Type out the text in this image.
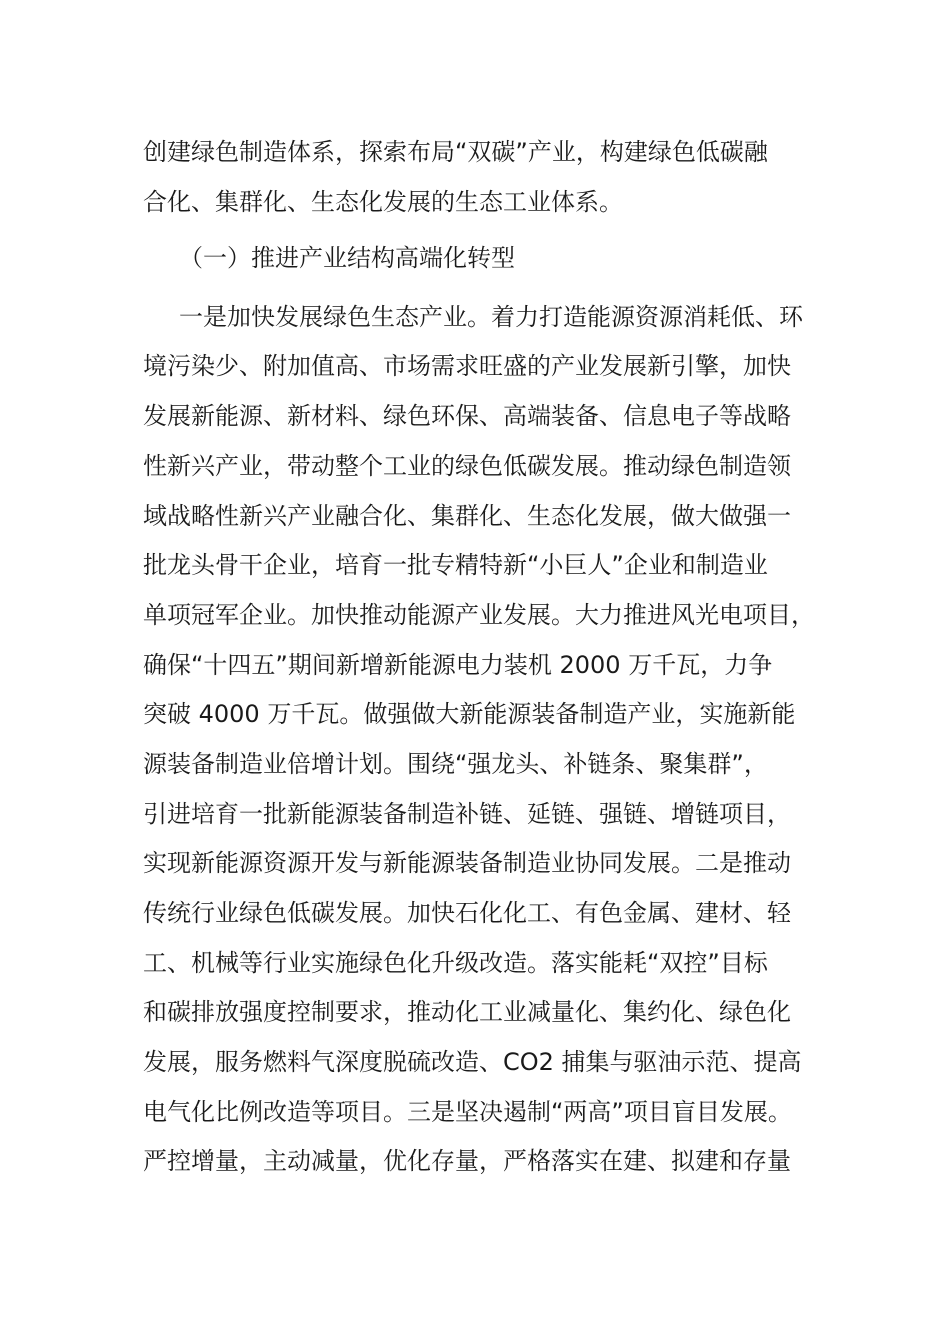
创建绿色制造体系，探索布局“双碳”产业，构建绿色低碳融
合化、集群化、生态化发展的生态工业体系。
（一）推进产业结构高端化转型
一是加快发展绿色生态产业。着力打造能源资源消耗低、环
境污染少、附加值高、市场需求旺盛的产业发展新引擎，加快
发展新能源、新材料、绿色环保、高端装备、信息电子等战略
性新兴产业，带动整个工业的绿色低碳发展。推动绿色制造领
域战略性新兴产业融合化、集群化、生态化发展，做大做强一
批龙头骨干企业，培育一批专精特新“小巨人”企业和制造业
单项冠军企业。加快推动能源产业发展。大力推进风光电项目，
确保“十四五”期间新增新能源电力装机 2000 万千瓦，力争
突破 4000 万千瓦。做强做大新能源装备制造产业，实施新能
源装备制造业倍增计划。围绕“强龙头、补链条、聚集群”，
引进培育一批新能源装备制造补链、延链、强链、增链项目，
实现新能源资源开发与新能源装备制造业协同发展。二是推动
传统行业绿色低碳发展。加快石化化工、有色金属、建材、轻
工、机械等行业实施绿色化升级改造。落实能耗“双控”目标
和碳排放强度控制要求，推动化工业减量化、集约化、绿色化
发展，服务燃料气深度脱硫改造、CO2 捕集与驱油示范、提高
电气化比例改造等项目。三是坚决遏制“两高”项目盲目发展。
严控增量，主动减量，优化存量，严格落实在建、拟建和存量
